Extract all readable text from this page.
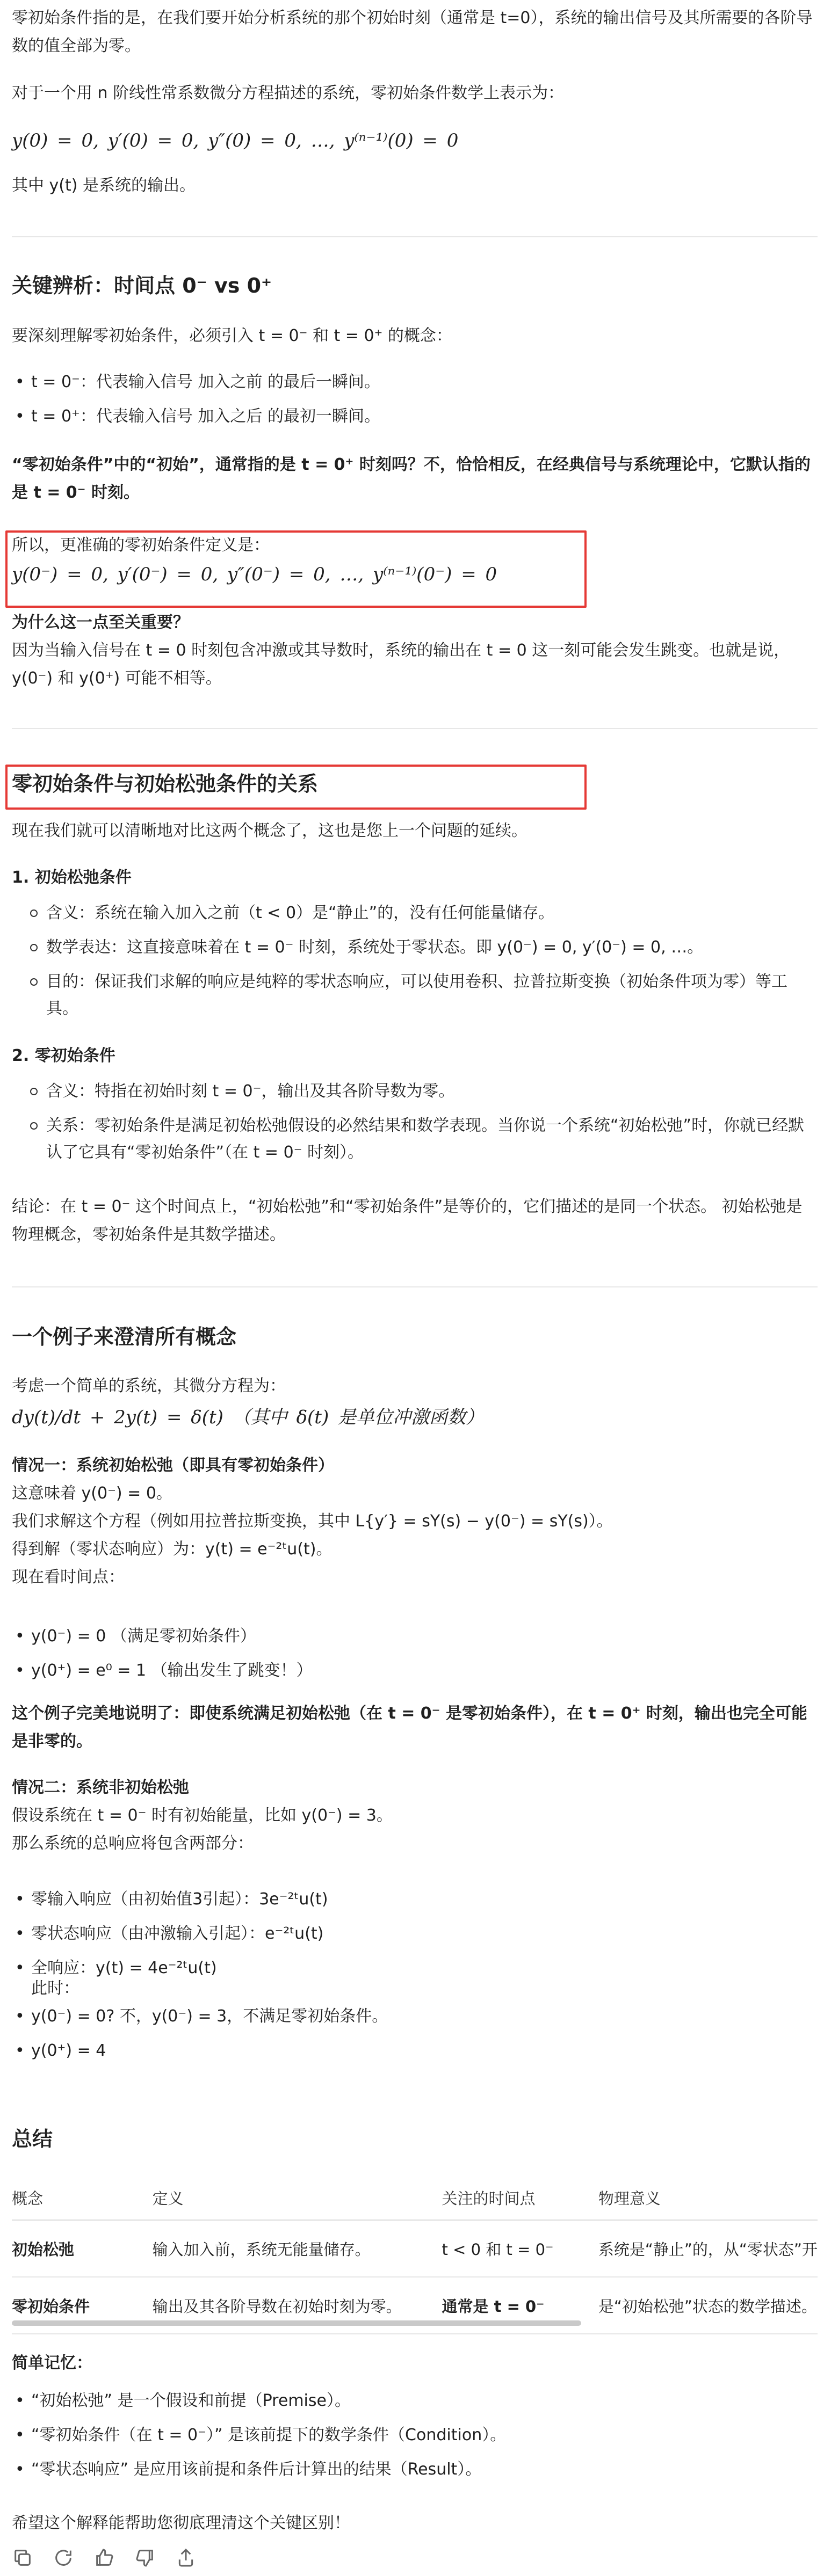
零初始条件指的是，在我们要开始分析系统的那个初始时刻（通常是 t=0），系统的输出信号及其所需要的各阶导数的值全部为零。

对于一个用 n 阶线性常系数微分方程描述的系统，零初始条件数学上表示为：

y(0) = 0, y′(0) = 0, y″(0) = 0, …, y⁽ⁿ⁻¹⁾(0) = 0

其中 y(t) 是系统的输出。

关键辨析：时间点 0⁻ vs 0⁺

要深刻理解零初始条件，必须引入 t = 0⁻ 和 t = 0⁺ 的概念：

• t = 0⁻：代表输入信号 加入之前 的最后一瞬间。
• t = 0⁺：代表输入信号 加入之后 的最初一瞬间。

“零初始条件”中的“初始”，通常指的是 t = 0⁺ 时刻吗？不，恰恰相反，在经典信号与系统理论中，它默认指的是 t = 0⁻ 时刻。

所以，更准确的零初始条件定义是：

y(0⁻) = 0, y′(0⁻) = 0, y″(0⁻) = 0, …, y⁽ⁿ⁻¹⁾(0⁻) = 0

为什么这一点至关重要？

因为当输入信号在 t = 0 时刻包含冲激或其导数时，系统的输出在 t = 0 这一刻可能会发生跳变。也就是说，y(0⁻) 和 y(0⁺) 可能不相等。

零初始条件与初始松弛条件的关系

现在我们就可以清晰地对比这两个概念了，这也是您上一个问题的延续。

1. 初始松弛条件
含义：系统在输入加入之前（t < 0）是“静止”的，没有任何能量储存。
数学表达：这直接意味着在 t = 0⁻ 时刻，系统处于零状态。即 y(0⁻) = 0, y′(0⁻) = 0, …。
目的：保证我们求解的响应是纯粹的零状态响应，可以使用卷积、拉普拉斯变换（初始条件项为零）等工具。
2. 零初始条件
含义：特指在初始时刻 t = 0⁻，输出及其各阶导数为零。
关系：零初始条件是满足初始松弛假设的必然结果和数学表现。当你说一个系统“初始松弛”时，你就已经默认了它具有“零初始条件”（在 t = 0⁻ 时刻）。

结论：在 t = 0⁻ 这个时间点上，“初始松弛”和“零初始条件”是等价的，它们描述的是同一个状态。 初始松弛是物理概念，零初始条件是其数学描述。

一个例子来澄清所有概念

考虑一个简单的系统，其微分方程为：

dy(t)/dt + 2y(t) = δ(t) （其中 δ(t) 是单位冲激函数）

情况一：系统初始松弛（即具有零初始条件）

这意味着 y(0⁻) = 0。

我们求解这个方程（例如用拉普拉斯变换，其中 L{y′} = sY(s) − y(0⁻) = sY(s)）。

得到解（零状态响应）为：y(t) = e⁻²ᵗu(t)。

现在看时间点：

• y(0⁻) = 0 （满足零初始条件）
• y(0⁺) = e⁰ = 1 （输出发生了跳变！）

这个例子完美地说明了：即使系统满足初始松弛（在 t = 0⁻ 是零初始条件），在 t = 0⁺ 时刻，输出也完全可能是非零的。

情况二：系统非初始松弛

假设系统在 t = 0⁻ 时有初始能量，比如 y(0⁻) = 3。

那么系统的总响应将包含两部分：

• 零输入响应（由初始值3引起）：3e⁻²ᵗu(t)
• 零状态响应（由冲激输入引起）：e⁻²ᵗu(t)
• 全响应：y(t) = 4e⁻²ᵗu(t)
此时：
• y(0⁻) = 0? 不，y(0⁻) = 3，不满足零初始条件。
• y(0⁺) = 4
总结
概念	定义	关注的时间点	物理意义
初始松弛	输入加入前，系统无能量储存。	t < 0 和 t = 0⁻	系统是“静止”的，从“零状态”开
零初始条件	输出及其各阶导数在初始时刻为零。	通常是 t = 0⁻	是“初始松弛”状态的数学描述。

简单记忆：

• “初始松弛” 是一个假设和前提（Premise）。
• “零初始条件（在 t = 0⁻）” 是该前提下的数学条件（Condition）。
• “零状态响应” 是应用该前提和条件后计算出的结果（Result）。

希望这个解释能帮助您彻底理清这个关键区别！
